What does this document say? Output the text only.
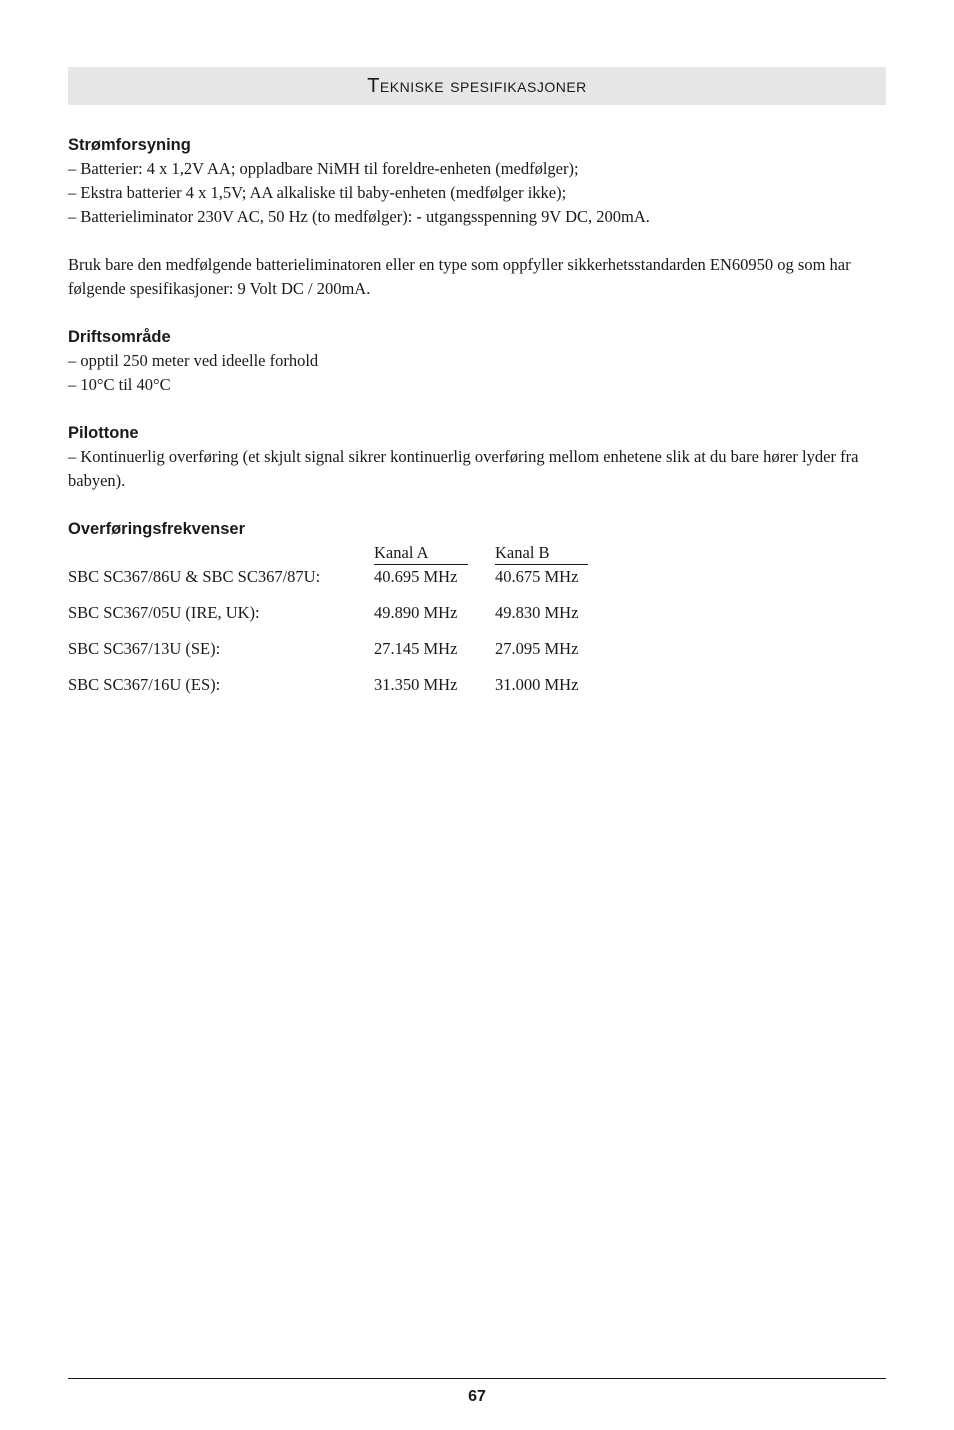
Tekniske spesifikasjoner

Strømforsyning

– Batterier: 4 x 1,2V AA; oppladbare NiMH til foreldre-enheten (medfølger);

– Ekstra batterier 4 x 1,5V; AA alkaliske til baby-enheten (medfølger ikke);

– Batterieliminator 230V AC, 50 Hz (to medfølger): - utgangsspenning 9V DC, 200mA.

Bruk bare den medfølgende batterieliminatoren eller en type som oppfyller sikkerhetsstandarden EN60950 og som har følgende spesifikasjoner: 9 Volt DC / 200mA.

Driftsområde

– opptil 250 meter ved ideelle forhold

– 10°C til 40°C

Pilottone

– Kontinuerlig overføring (et skjult signal sikrer kontinuerlig overføring mellom enhetene slik at du bare hører lyder fra babyen).

Overføringsfrekvenser

	Kanal A	Kanal B
SBC SC367/86U & SBC SC367/87U:	40.695 MHz	40.675 MHz
SBC SC367/05U (IRE, UK):	49.890 MHz	49.830 MHz
SBC SC367/13U (SE):	27.145 MHz	27.095 MHz
SBC SC367/16U (ES):	31.350 MHz	31.000 MHz
67
